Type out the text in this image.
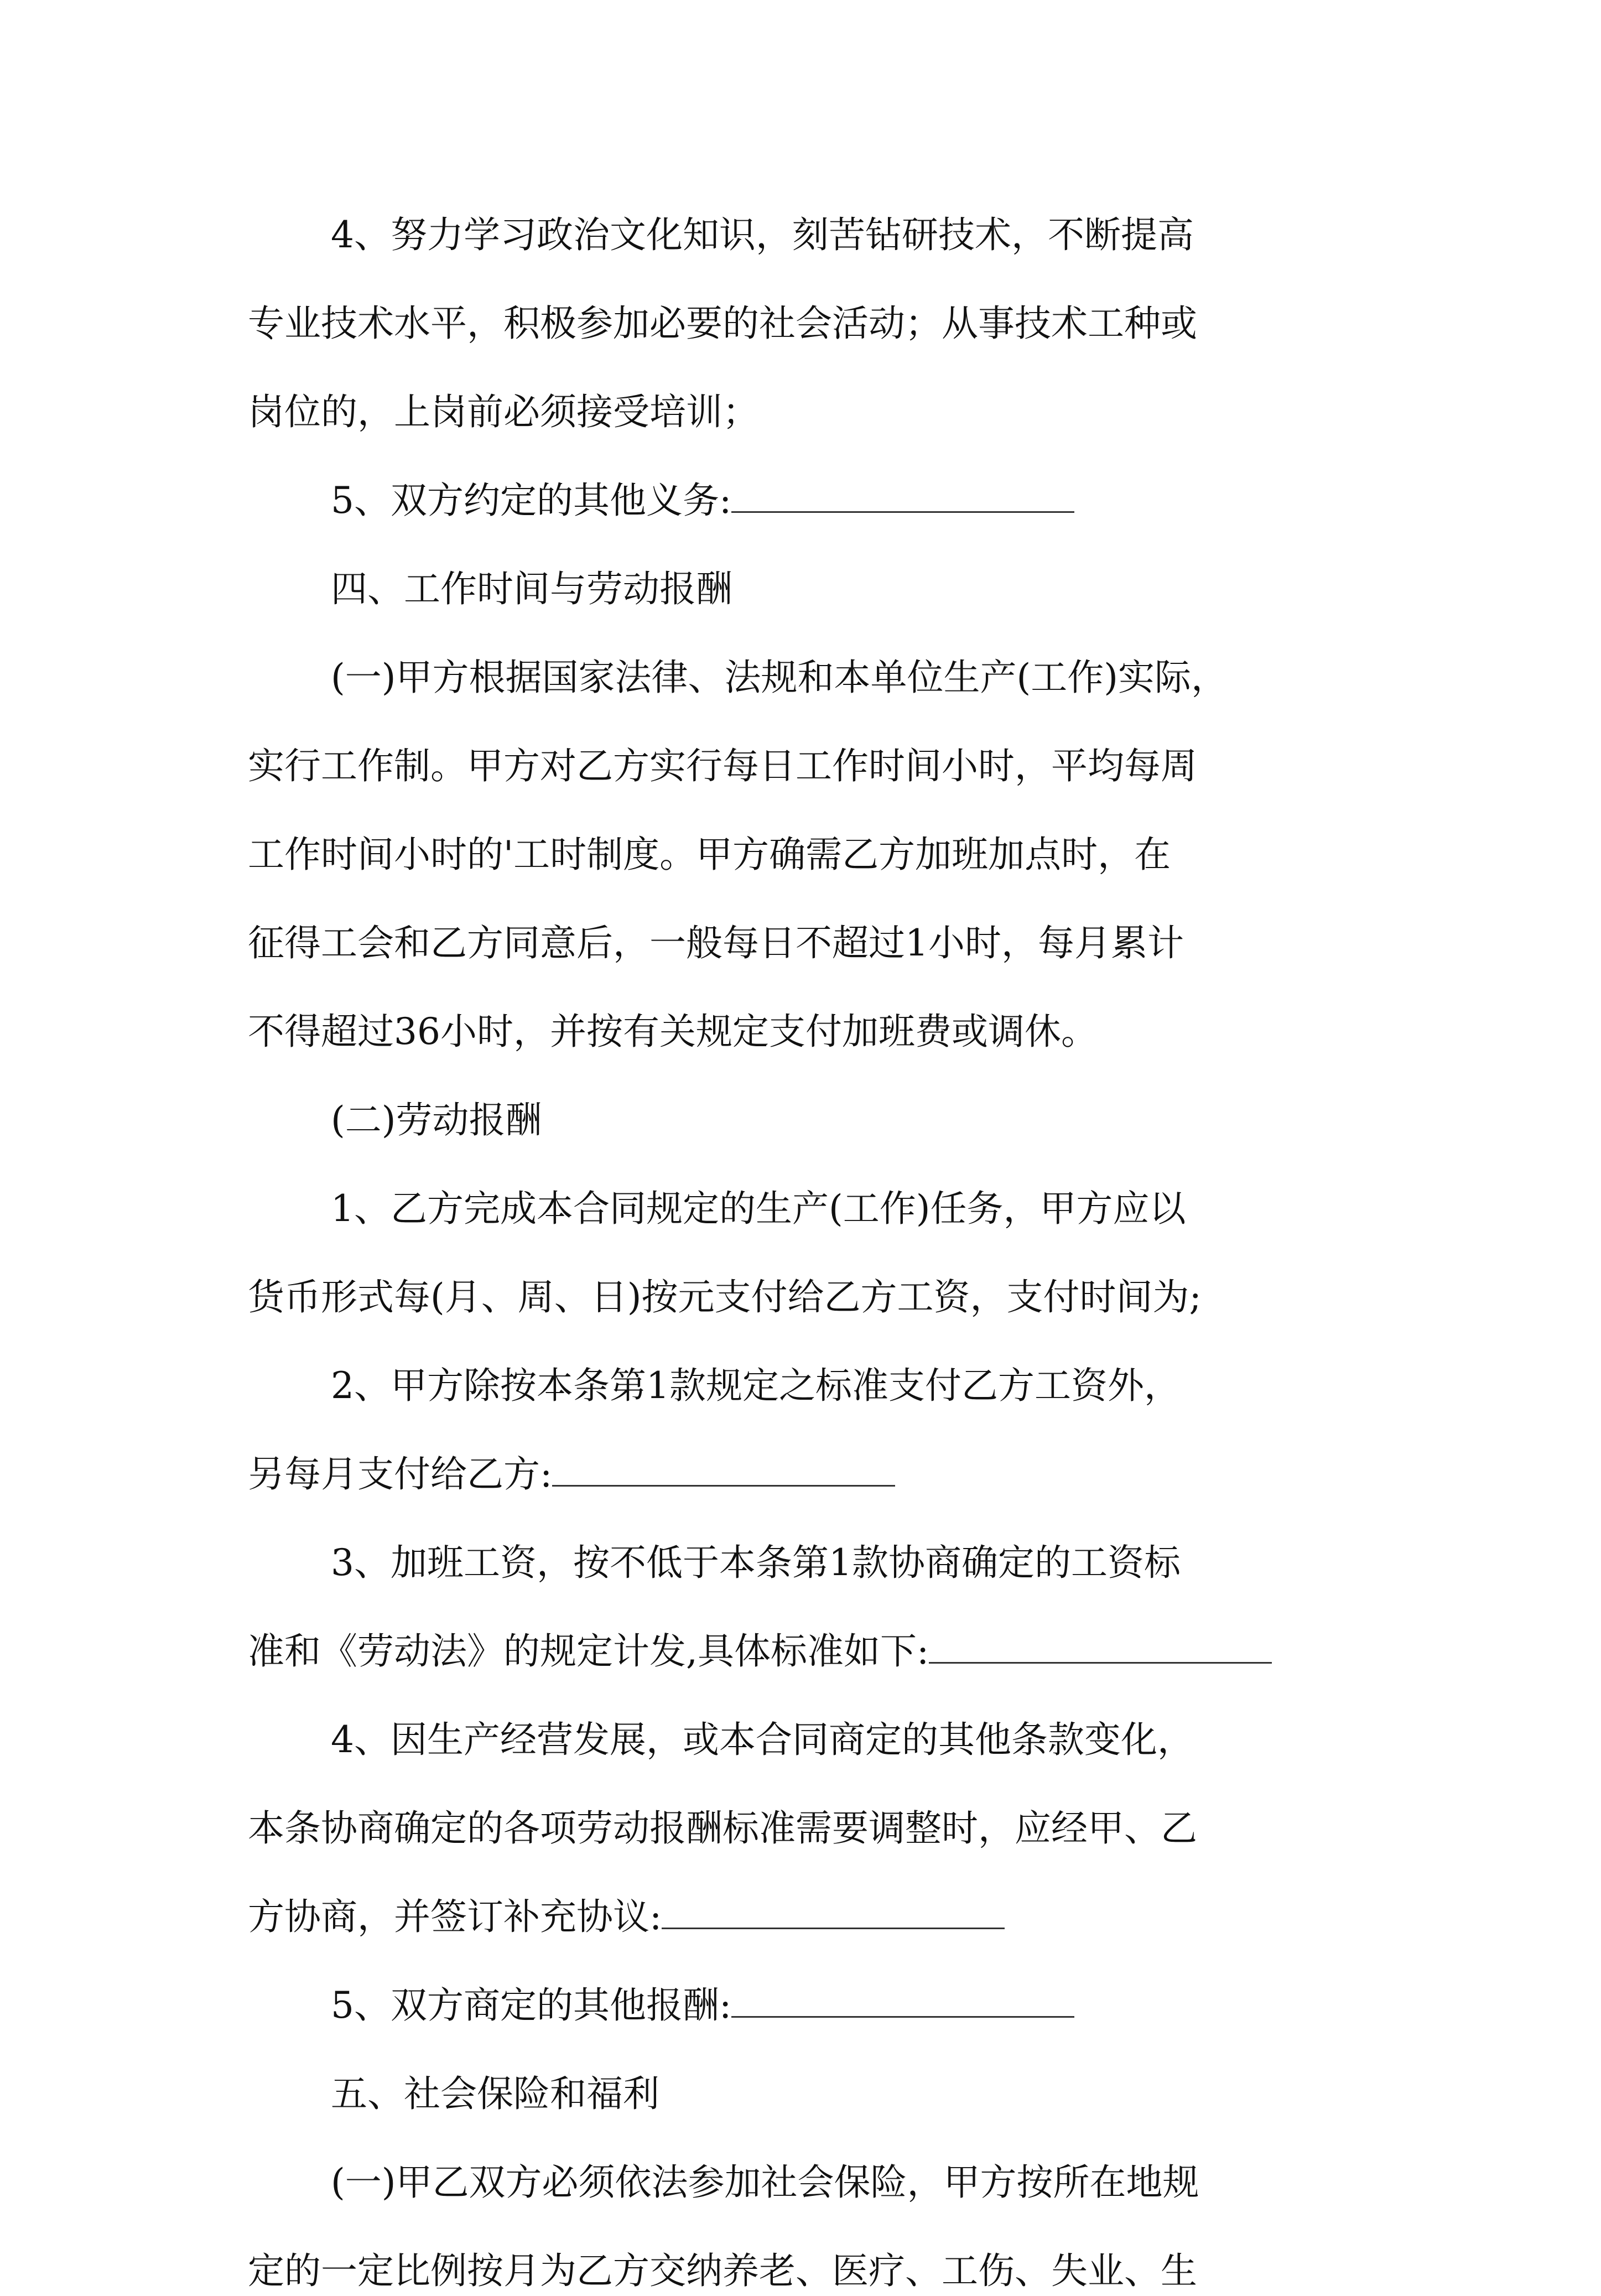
4、努力学习政治文化知识，刻苦钻研技术，不断提高
专业技术水平，积极参加必要的社会活动；从事技术工种或
岗位的，上岗前必须接受培训；
5、双方约定的其他义务:
四、工作时间与劳动报酬
(一)甲方根据国家法律、法规和本单位生产(工作)实际，
实行工作制。甲方对乙方实行每日工作时间小时，平均每周
工作时间小时的'工时制度。甲方确需乙方加班加点时，在
征得工会和乙方同意后，一般每日不超过1小时，每月累计
不得超过36小时，并按有关规定支付加班费或调休。
(二)劳动报酬
1、乙方完成本合同规定的生产(工作)任务，甲方应以
货币形式每(月、周、日)按元支付给乙方工资，支付时间为;
2、甲方除按本条第1款规定之标准支付乙方工资外，
另每月支付给乙方:
3、加班工资，按不低于本条第1款协商确定的工资标
准和《劳动法》的规定计发,具体标准如下:
4、因生产经营发展，或本合同商定的其他条款变化，
本条协商确定的各项劳动报酬标准需要调整时，应经甲、乙
方协商，并签订补充协议:
5、双方商定的其他报酬:
五、社会保险和福利
(一)甲乙双方必须依法参加社会保险，甲方按所在地规
定的一定比例按月为乙方交纳养老、医疗、工伤、失业、生
